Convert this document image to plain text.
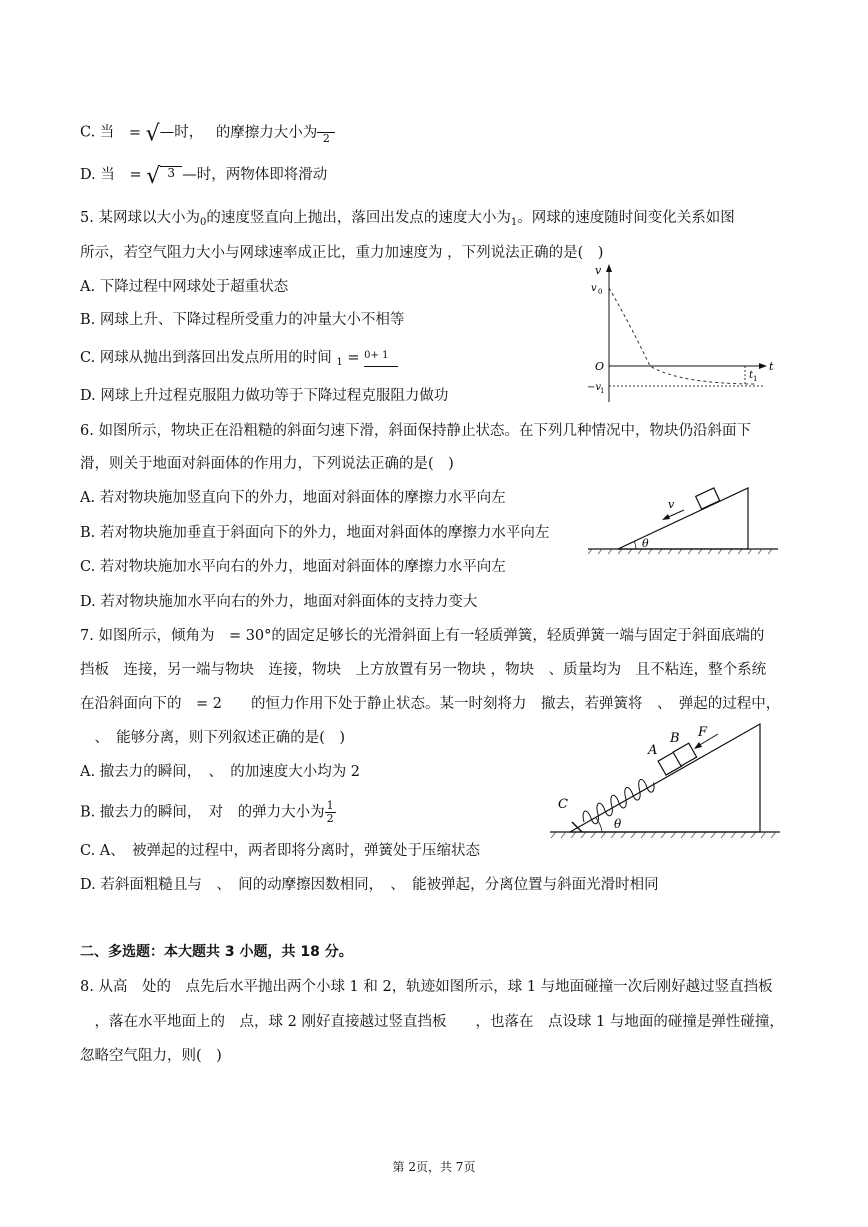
C. 当 = √—时， 的摩擦力大小为
2
D. 当 = √ 3 —时，两物体即将滑动
5. 某网球以大小为$_0$的速度竖直向上抛出，落回出发点的速度大小为$_1$。网球的速度随时间变化关系如图
所示，若空气阻力大小与网球速率成正比，重力加速度为 ，下列说法正确的是(　)
A. 下降过程中网球处于超重状态
B. 网球上升、下降过程所受重力的冲量大小不相等
C. 网球从抛出到落回出发点所用的时间 $_1$ = 0+ 1
D. 网球上升过程克服阻力做功等于下降过程克服阻力做功
v
v 0
O	t
t 1
−v
1
6. 如图所示，物块正在沿粗糙的斜面匀速下滑，斜面保持静止状态。在下列几种情况中，物块仍沿斜面下
滑，则关于地面对斜面体的作用力，下列说法正确的是(　)
A. 若对物块施加竖直向下的外力，地面对斜面体的摩擦力水平向左
B. 若对物块施加垂直于斜面向下的外力，地面对斜面体的摩擦力水平向左
C. 若对物块施加水平向右的外力，地面对斜面体的摩擦力水平向左
D. 若对物块施加水平向右的外力，地面对斜面体的支持力变大
v
θ
7. 如图所示，倾角为　= 30°的固定足够长的光滑斜面上有一轻质弹簧，轻质弹簧一端与固定于斜面底端的
挡板　连接，另一端与物块　连接，物块　上方放置有另一物块 ，物块　、质量均为　且不粘连，整个系统
在沿斜面向下的　= 2　　的恒力作用下处于静止状态。某一时刻将力　撤去，若弹簧将　、　弹起的过程中，
　、　能够分离，则下列叙述正确的是(　)
A. 撤去力的瞬间，　、　的加速度大小均为 2
B. 撤去力的瞬间，　对　的弹力大小为 $\frac{1}{2}$
C. A、　被弹起的过程中，两者即将分离时，弹簧处于压缩状态
D. 若斜面粗糙且与　、　间的动摩擦因数相同，　、　能被弹起，分离位置与斜面光滑时相同
A
B F
C
θ
二、多选题：本大题共 3 小题，共 18 分。
8. 从高　处的　点先后水平抛出两个小球 1 和 2，轨迹如图所示，球 1 与地面碰撞一次后刚好越过竖直挡板
　，落在水平地面上的　点，球 2 刚好直接越过竖直挡板　　，也落在　点设球 1 与地面的碰撞是弹性碰撞，
忽略空气阻力，则(　)
第 2页，共 7页
